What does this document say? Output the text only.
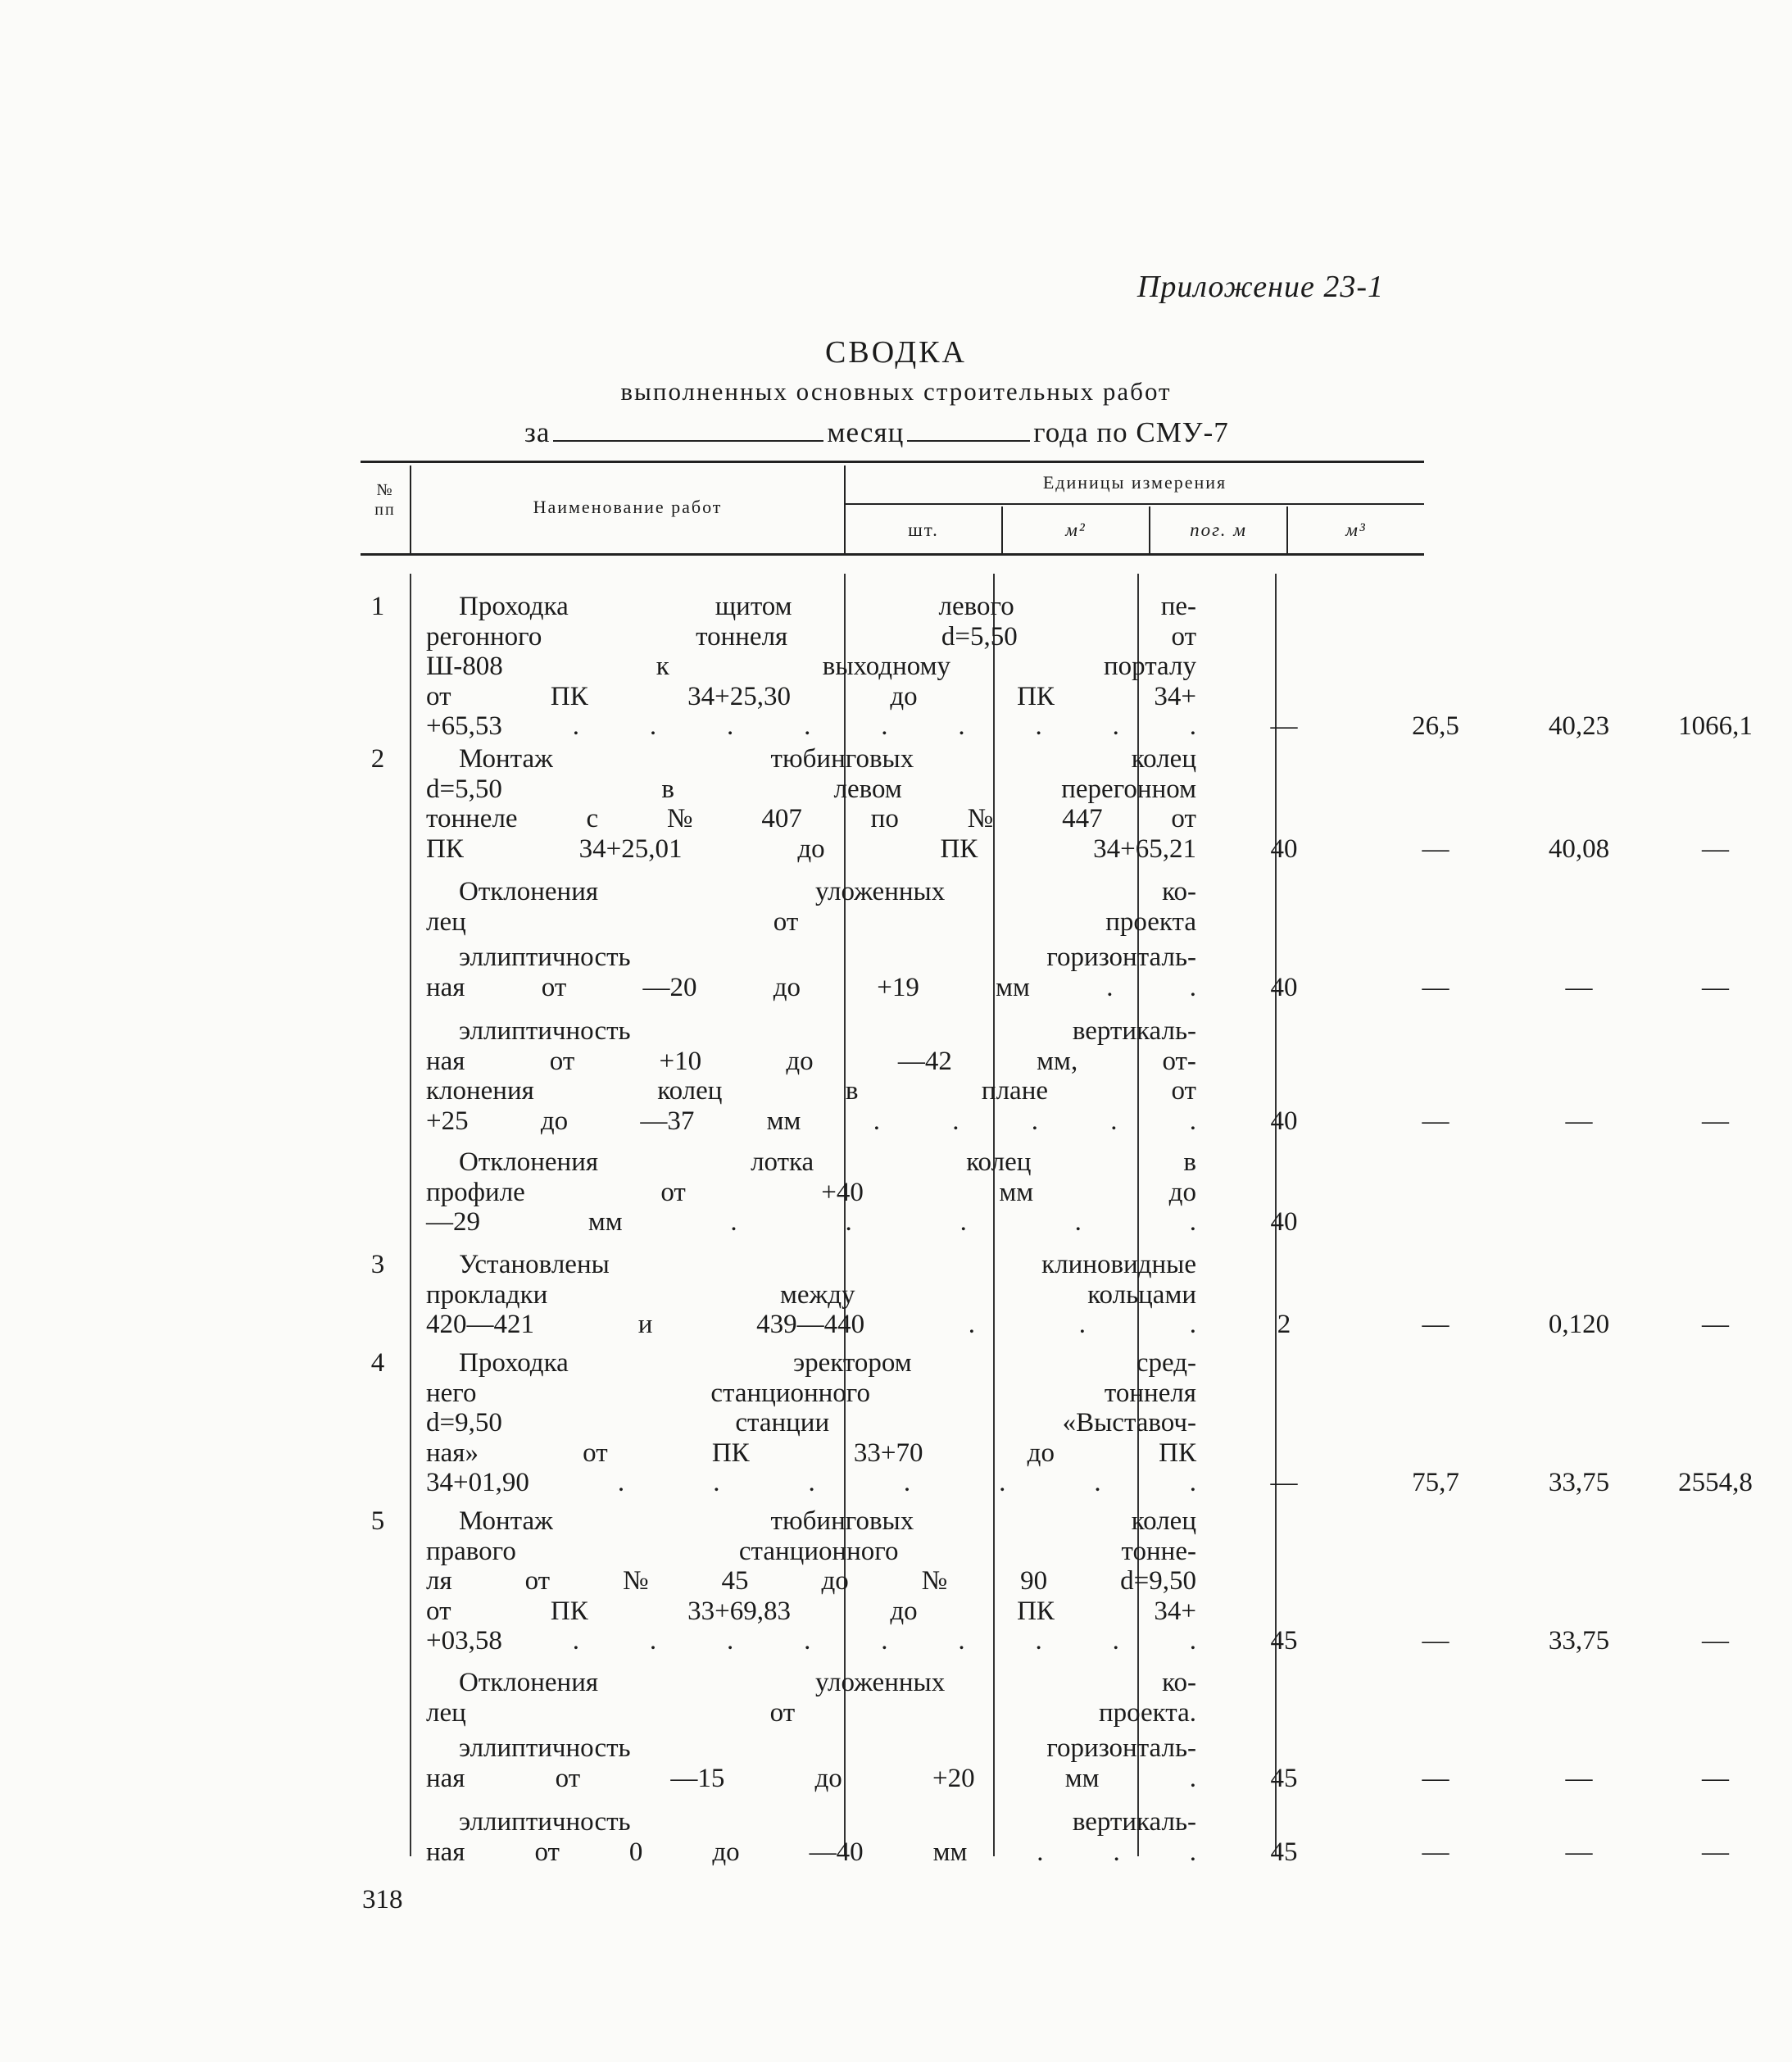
Приложение 23-1
СВОДКА
выполненных основных строительных работ
за	месяц	года по СМУ-7
№
пп	Наименование работ
Единицы измерения
шт.	м²	пог. м	м³
1	Проходка	щитом	левого	пе-
регонного	тоннеля	d=5,50	от
Ш-808	к	выходному	порталу
от	ПК	34+25,30	до	ПК	34+
+65,53	.	.	.	.	.	.	.	.	.	—	26,5	40,23	1066,1
2	Монтаж	тюбинговых	колец
d=5,50	в	левом	перегонном
тоннеле	с	№	407	по	№	447	от
ПК	34+25,01	до	ПК	34+65,21	40	—	40,08	—
Отклонения	уложенных	ко-
лец	от	проекта
эллиптичность	горизонталь-
ная	от	—20	до	+19	мм	.	.	40	—	—	—
эллиптичность	вертикаль-
ная	от	+10	до	—42	мм,	от-
клонения	колец	в	плане	от
+25	до	—37	мм	.	.	.	.	.	40	—	—	—
Отклонения	лотка	колец	в
профиле	от	+40	мм	до
—29	мм	.	.	.	.	.	40
3	Установлены	клиновидные
прокладки	между	кольцами
420—421	и	439—440	.	.	.	2	—	0,120	—
4	Проходка	эректором	сред-
него	станционного	тоннеля
d=9,50	станции	«Выставоч-
ная»	от	ПК	33+70	до	ПК
34+01,90	.	.	.	.	.	.	.	—	75,7	33,75	2554,8
5	Монтаж	тюбинговых	колец
правого	станционного	тонне-
ля	от	№	45	до	№	90	d=9,50
от	ПК	33+69,83	до	ПК	34+
+03,58	.	.	.	.	.	.	.	.	.	45	—	33,75	—
Отклонения	уложенных	ко-
лец	от	проекта.
эллиптичность	горизонталь-
ная	от	—15	до	+20	мм	.	45	—	—	—
эллиптичность	вертикаль-
ная	от	0	до	—40	мм	.	.	.	45	—	—	—
318
